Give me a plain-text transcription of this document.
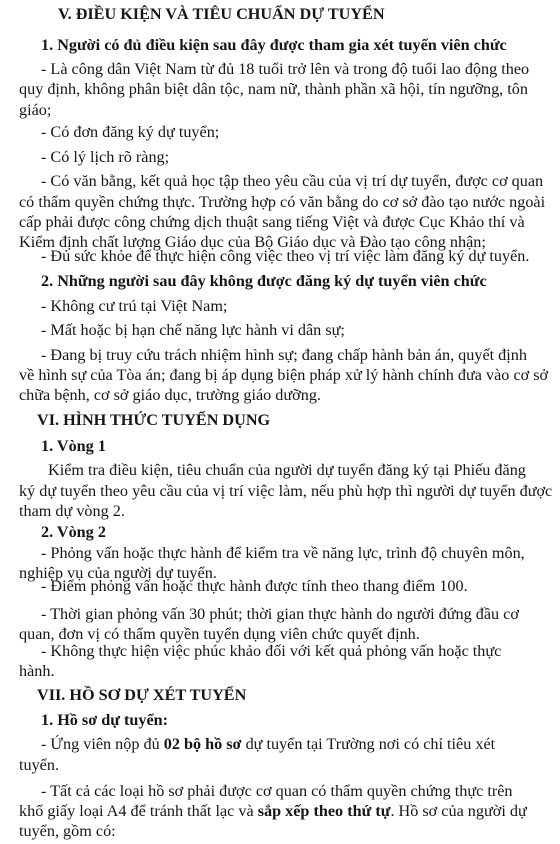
V. ĐIỀU KIỆN VÀ TIÊU CHUẨN DỰ TUYỂN
1. Người có đủ điều kiện sau đây được tham gia xét tuyển viên chức
- Là công dân Việt Nam từ đủ 18 tuổi trở lên và trong độ tuổi lao động theo
quy định, không phân biệt dân tộc, nam nữ, thành phần xã hội, tín ngưỡng, tôn
giáo;
- Có đơn đăng ký dự tuyển;
- Có lý lịch rõ ràng;
- Có văn bằng, kết quả học tập theo yêu cầu của vị trí dự tuyển, được cơ quan
có thẩm quyền chứng thực. Trường hợp có văn bằng do cơ sở đào tạo nước ngoài
cấp phải được công chứng dịch thuật sang tiếng Việt và được Cục Khảo thí và
Kiểm định chất lượng Giáo dục của Bộ Giáo dục và Đào tạo công nhận;
- Đủ sức khỏe để thực hiện công việc theo vị trí việc làm đăng ký dự tuyển.
2. Những người sau đây không được đăng ký dự tuyển viên chức
- Không cư trú tại Việt Nam;
- Mất hoặc bị hạn chế năng lực hành vi dân sự;
- Đang bị truy cứu trách nhiệm hình sự; đang chấp hành bản án, quyết định
về hình sự của Tòa án; đang bị áp dụng biện pháp xử lý hành chính đưa vào cơ sở
chữa bệnh, cơ sở giáo dục, trường giáo dưỡng.
VI. HÌNH THỨC TUYỂN DỤNG
1. Vòng 1
Kiểm tra điều kiện, tiêu chuẩn của người dự tuyển đăng ký tại Phiếu đăng
ký dự tuyển theo yêu cầu của vị trí việc làm, nếu phù hợp thì người dự tuyển được
tham dự vòng 2.
2. Vòng 2
- Phỏng vấn hoặc thực hành để kiểm tra về năng lực, trình độ chuyên môn,
nghiệp vụ của người dự tuyển.
- Điểm phỏng vấn hoặc thực hành được tính theo thang điểm 100.
- Thời gian phỏng vấn 30 phút; thời gian thực hành do người đứng đầu cơ
quan, đơn vị có thẩm quyền tuyển dụng viên chức quyết định.
- Không thực hiện việc phúc khảo đối với kết quả phỏng vấn hoặc thực
hành.
VII. HỒ SƠ DỰ XÉT TUYỂN
1. Hồ sơ dự tuyển:
- Ứng viên nộp đủ 02 bộ hồ sơ dự tuyển tại Trường nơi có chỉ tiêu xét
tuyển.
- Tất cả các loại hồ sơ phải được cơ quan có thẩm quyền chứng thực trên
khổ giấy loại A4 để tránh thất lạc và sắp xếp theo thứ tự. Hồ sơ của người dự
tuyển, gồm có:
